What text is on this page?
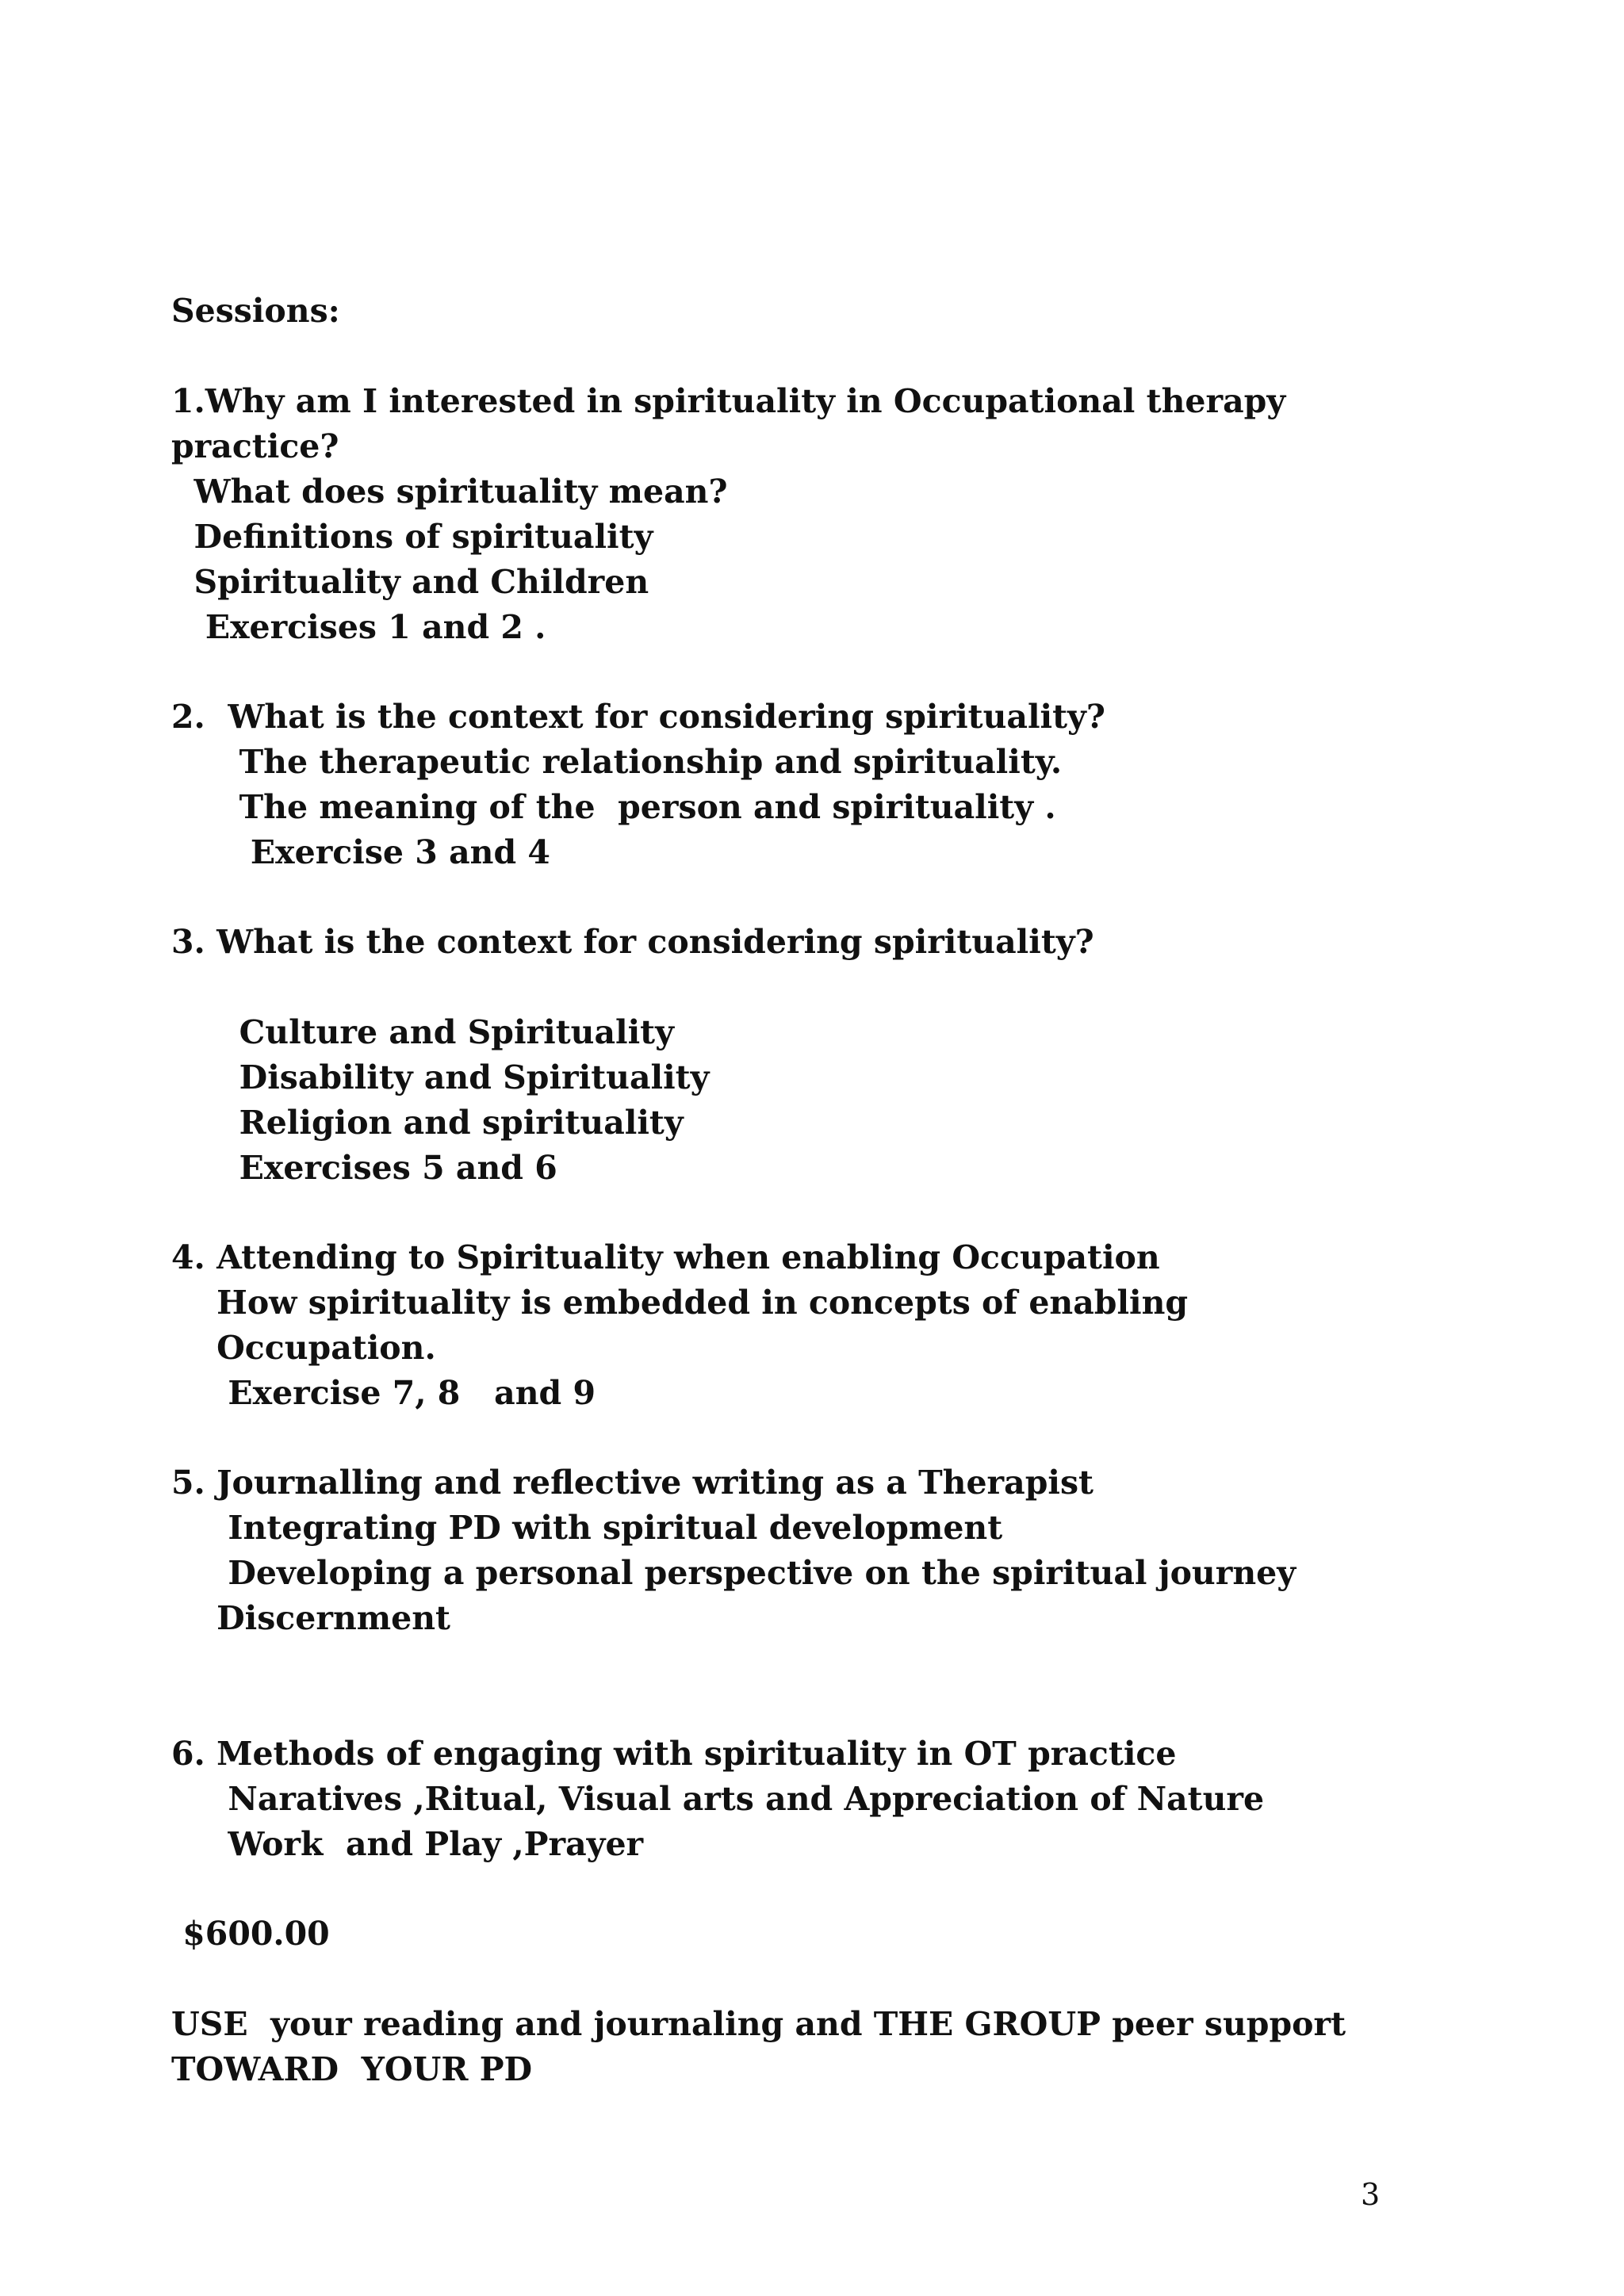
Sessions:
1.Why am I interested in spirituality in Occupational therapy
practice?
What does spirituality mean?
Definitions of spirituality
Spirituality and Children
Exercises 1 and 2 .
2.  What is the context for considering spirituality?
The therapeutic relationship and spirituality.
The meaning of the  person and spirituality .
Exercise 3 and 4
3. What is the context for considering spirituality?
Culture and Spirituality
Disability and Spirituality
Religion and spirituality
Exercises 5 and 6
4. Attending to Spirituality when enabling Occupation
How spirituality is embedded in concepts of enabling
Occupation.
Exercise 7, 8   and 9
5. Journalling and reflective writing as a Therapist
Integrating PD with spiritual development
Developing a personal perspective on the spiritual journey
Discernment
6. Methods of engaging with spirituality in OT practice
Naratives ,Ritual, Visual arts and Appreciation of Nature
Work  and Play ,Prayer
$600.00
USE  your reading and journaling and THE GROUP peer support
TOWARD  YOUR PD
3
